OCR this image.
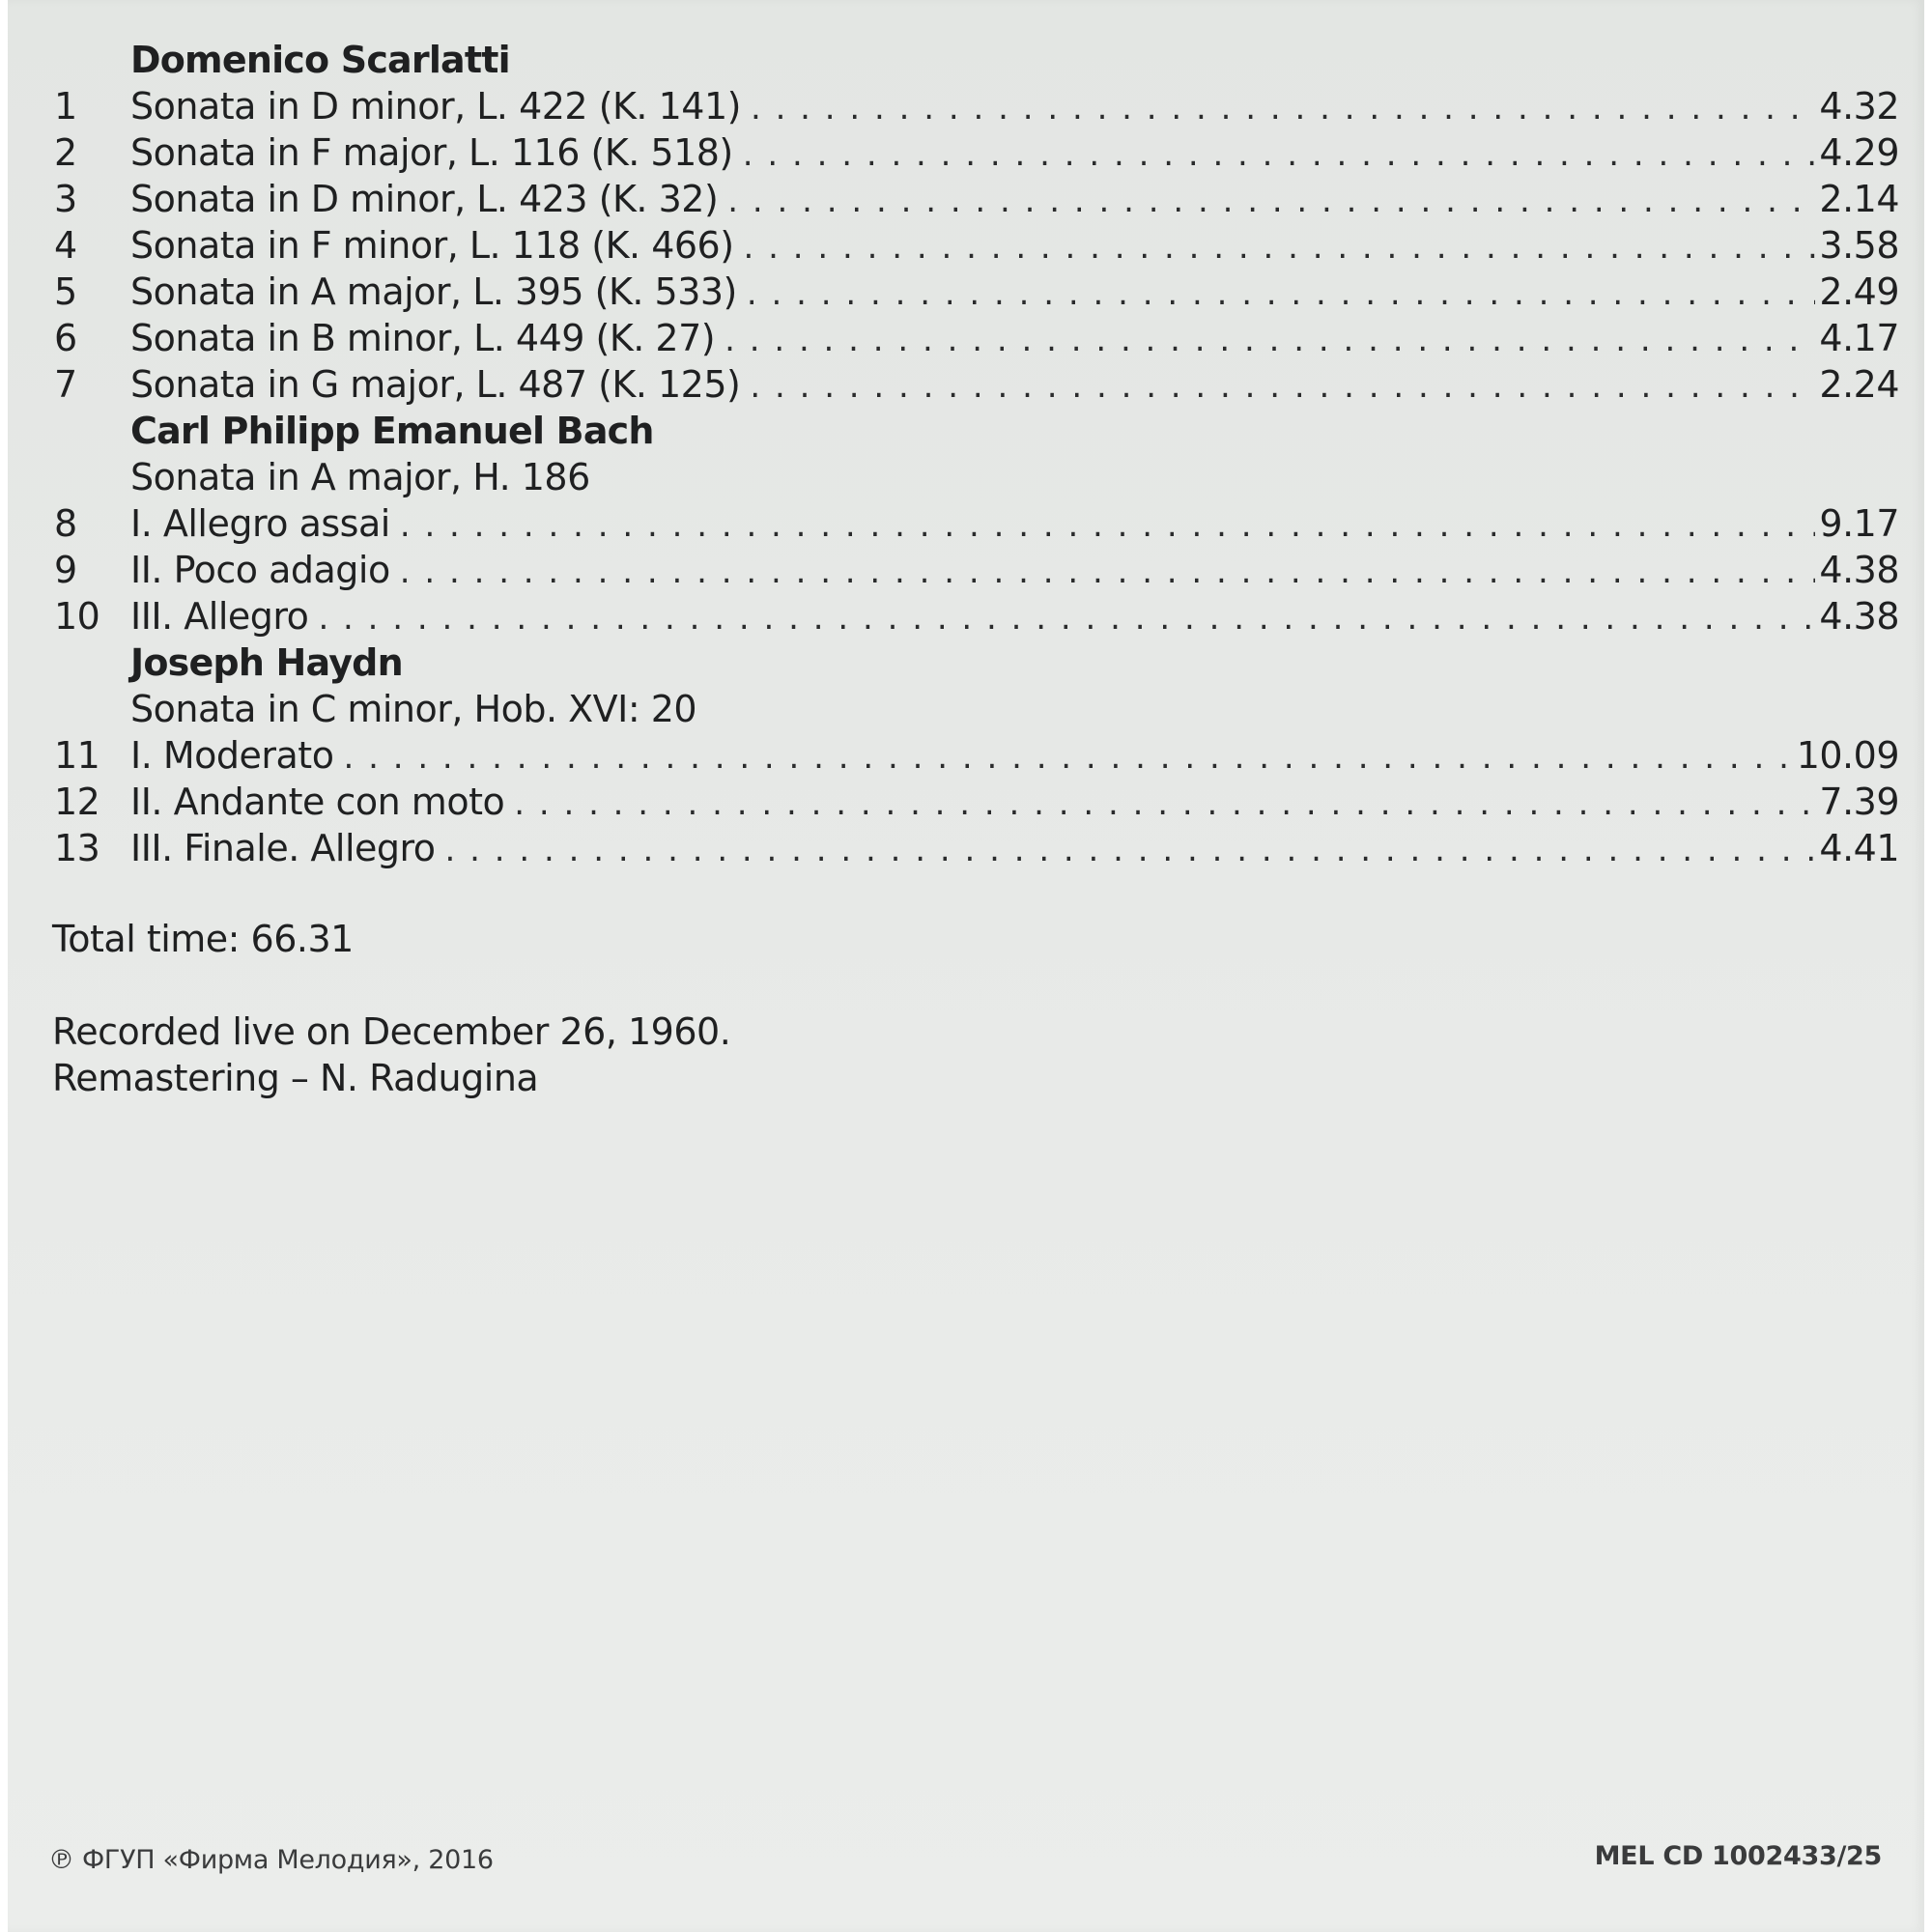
Domenico Scarlatti
1	Sonata in D minor, L. 422 (K. 141) . . .	4.32
2	Sonata in F major, L. 116 (K. 518) . . .	4.29
3	Sonata in D minor, L. 423 (K. 32) . . .	2.14
4	Sonata in F minor, L. 118 (K. 466) . . .	3.58
5	Sonata in A major, L. 395 (K. 533) . . .	2.49
6	Sonata in B minor, L. 449 (K. 27) . . .	4.17
7	Sonata in G major, L. 487 (K. 125) . . .	2.24
Carl Philipp Emanuel Bach
Sonata in A major, H. 186
8	I. Allegro assai . . .	9.17
9	II. Poco adagio . . .	4.38
10 III. Allegro . . .	4.38
Joseph Haydn
Sonata in C minor, Hob. XVI: 20
11 I. Moderato . . .	10.09
12 II. Andante con moto . . .	7.39
13 III. Finale. Allegro . . .	4.41
Total time: 66.31
Recorded live on December 26, 1960.
Remastering – N. Radugina
℗ ФГУП «Фирма Мелодия», 2016	MEL CD 1002433/25
